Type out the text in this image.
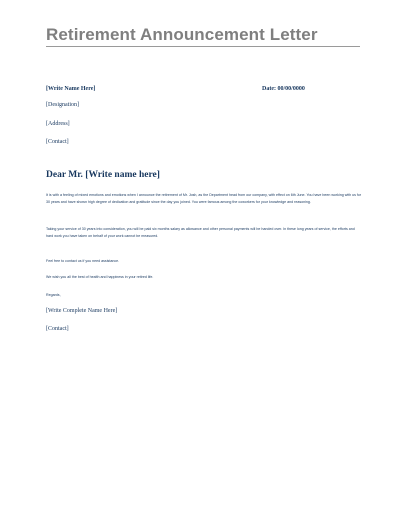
Retirement Announcement Letter
[Write Name Here]	Date: 00/00/0000
[Designation]
[Address]
[Contact]
Dear Mr. [Write name here]

It is with a feeling of mixed emotions and emotions when I announce the retirement of Mr. Josh, as the Department head from our company, with effect on 6th June. You have been working with us for 30 years and have shown high degree of dedication and gratitude since the day you joined. You were famous among the coworkers for your knowledge and reasoning.

Taking your service of 30 years into consideration, you will be paid six months salary as allowance and other personal payments will be handed over. In these long years of service, the efforts and hard work you have taken on behalf of your work cannot be measured.

Feel free to contact us if you need assistance.

We wish you all the best of health and happiness in your retired life.

Regards,

[Write Complete Name Here]
[Contact]
